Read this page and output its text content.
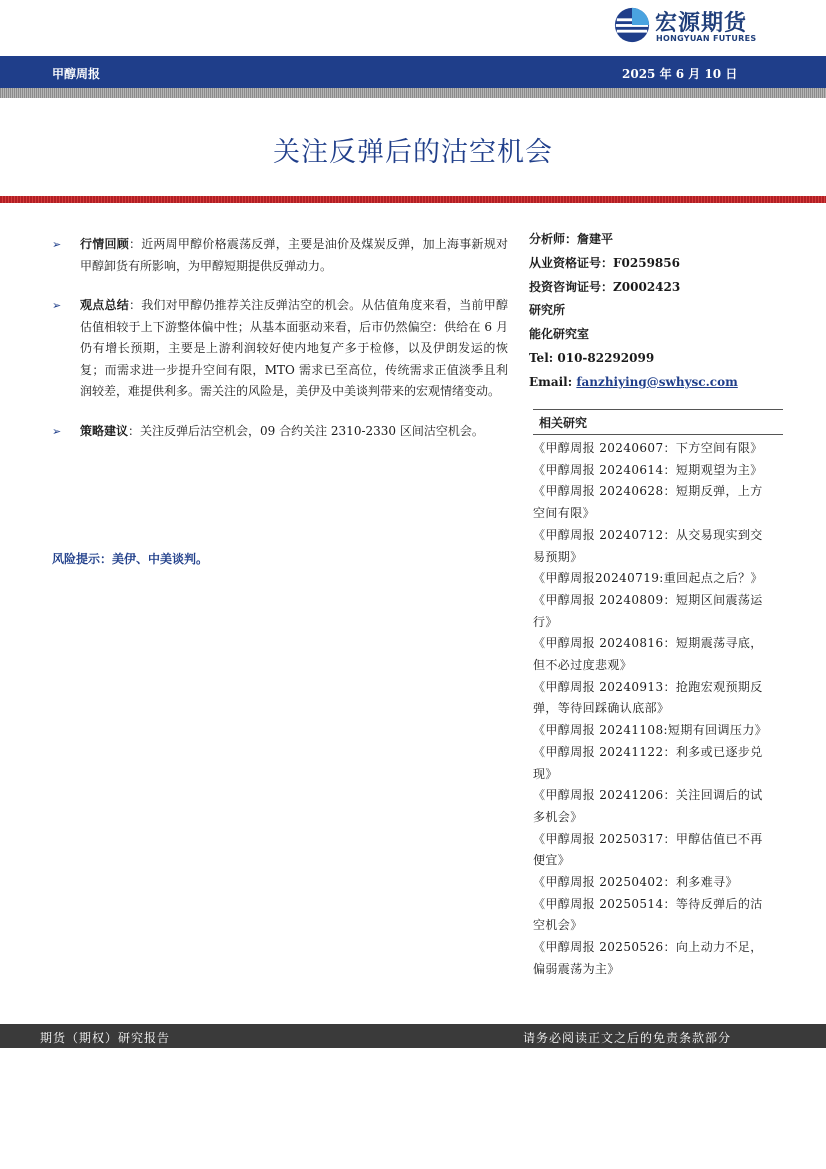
宏源期货
HONGYUAN FUTURES
甲醇周报	2025 年 6 月 10 日
关注反弹后的沽空机会
➢ 行情回顾：近两周甲醇价格震荡反弹，主要是油价及煤炭反弹，加上海事新规对甲醇卸货有所影响，为甲醇短期提供反弹动力。
➢ 观点总结：我们对甲醇仍推荐关注反弹沽空的机会。从估值角度来看，当前甲醇估值相较于上下游整体偏中性；从基本面驱动来看，后市仍然偏空：供给在 6 月仍有增长预期，主要是上游利润较好使内地复产多于检修，以及伊朗发运的恢复；而需求进一步提升空间有限，MTO 需求已至高位，传统需求正值淡季且利润较差，难提供利多。需关注的风险是，美伊及中美谈判带来的宏观情绪变动。
➢ 策略建议：关注反弹后沽空机会，09 合约关注 2310-2330 区间沽空机会。
风险提示：美伊、中美谈判。
分析师：詹建平
从业资格证号：F0259856
投资咨询证号：Z0002423
研究所
能化研究室
Tel: 010-82292099
Email: fanzhiying@swhysc.com
相关研究
《甲醇周报 20240607：下方空间有限》
《甲醇周报 20240614：短期观望为主》
《甲醇周报 20240628：短期反弹，上方
空间有限》
《甲醇周报 20240712：从交易现实到交
易预期》
《甲醇周报20240719:重回起点之后？》
《甲醇周报 20240809：短期区间震荡运
行》
《甲醇周报 20240816：短期震荡寻底，
但不必过度悲观》
《甲醇周报 20240913：抢跑宏观预期反
弹，等待回踩确认底部》
《甲醇周报 20241108:短期有回调压力》
《甲醇周报 20241122：利多或已逐步兑
现》
《甲醇周报 20241206：关注回调后的试
多机会》
《甲醇周报 20250317：甲醇估值已不再
便宜》
《甲醇周报 20250402：利多难寻》
《甲醇周报 20250514：等待反弹后的沽
空机会》
《甲醇周报 20250526：向上动力不足，
偏弱震荡为主》
期货（期权）研究报告	请务必阅读正文之后的免责条款部分
